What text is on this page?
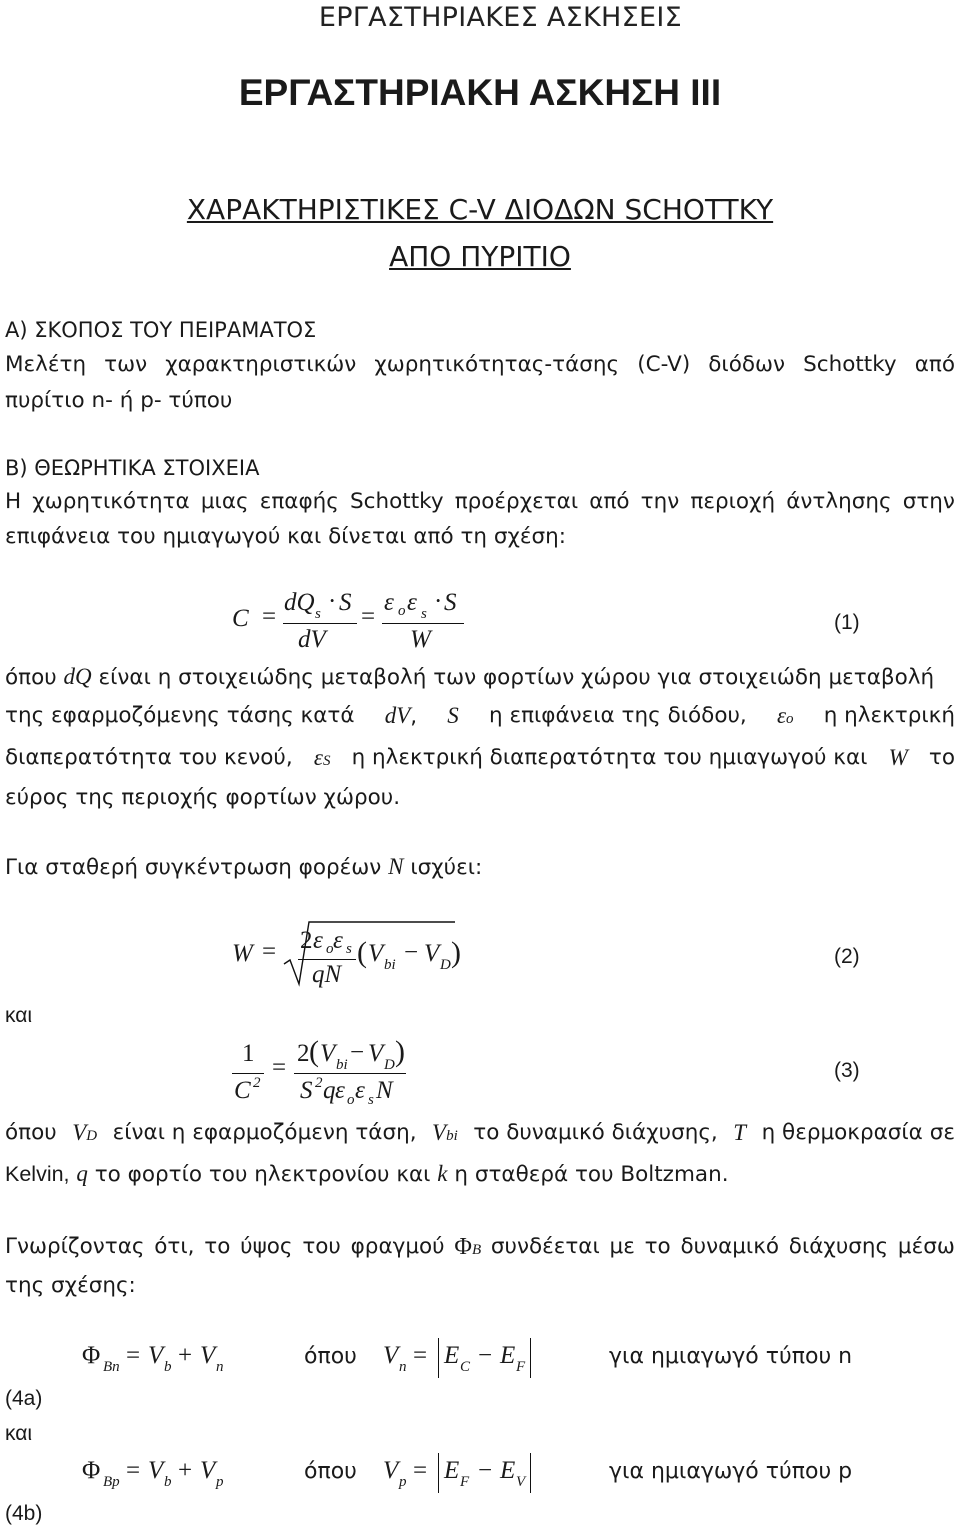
ΕΡΓΑΣΤΗΡΙΑΚΕΣ ΑΣΚΗΣΕΙΣ
ΕΡΓΑΣΤΗΡΙΑΚΗ ΑΣΚΗΣΗ ΙΙΙ
ΧΑΡΑΚΤΗΡΙΣΤΙΚΕΣ C-V ΔΙΟΔΩΝ SCHOTTKY
ΑΠΟ ΠΥΡΙΤΙΟ
Α) ΣΚΟΠΟΣ ΤΟΥ ΠΕΙΡΑΜΑΤΟΣ
Μελέτη των χαρακτηριστικών χωρητικότητας-τάσης (C-V) διόδων Schottky από
πυρίτιο n- ή p- τύπου
Β) ΘΕΩΡΗΤΙΚΑ ΣΤΟΙΧΕΙΑ
Η χωρητικότητα μιας επαφής Schottky προέρχεται από την περιοχή άντλησης στην
επιφάνεια του ημιαγωγού και δίνεται από τη σχέση:
C =
dQ s · S
dV
=
ε o ε s · S
W
(1)
όπου dQ είναι η στοιχειώδης μεταβολή των φορτίων χώρου για στοιχειώδη μεταβολή
της εφαρμοζόμενης τάσης κατά dV, S η επιφάνεια της διόδου, εo η ηλεκτρική
διαπερατότητα του κενού, εS η ηλεκτρική διαπερατότητα του ημιαγωγού και W το
εύρος της περιοχής φορτίων χώρου.
Για σταθερή συγκέντρωση φορέων N ισχύει:
W = 2 ε o ε s
qN
( V bi − V D )	(2)
και
1
C 2
=
2 ( V bi − V D )
S 2 q ε o ε s N
(3)
όπου VD είναι η εφαρμοζόμενη τάση, Vbi το δυναμικό διάχυσης, T η θερμοκρασία σε
Kelvin, q το φορτίο του ηλεκτρονίου και k η σταθερά του Boltzman.
Γνωρίζοντας ότι, το ύψος του φραγμού ΦB συνδέεται με το δυναμικό διάχυσης μέσω
της σχέσης:
Φ Bn = V b + V n	όπου V n = E C − E F	για ημιαγωγό τύπου n
(4a)
και
Φ Bp = V b + V p	όπου V p = E F − E V	για ημιαγωγό τύπου p
(4b)
